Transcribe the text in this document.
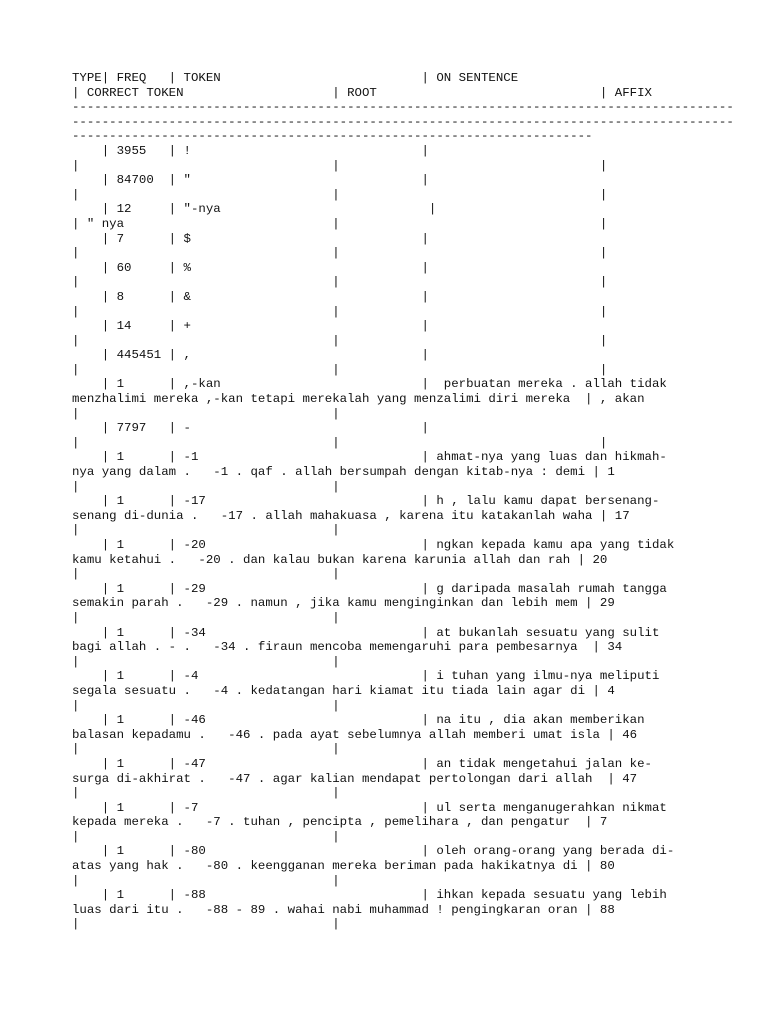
TYPE| FREQ   | TOKEN                           | ON SENTENCE
| CORRECT TOKEN                    | ROOT                              | AFFIX
-----------------------------------------------------------------------------------------
-----------------------------------------------------------------------------------------
----------------------------------------------------------------------
| 3955   | !                               |
|                                  |                                   |
| 84700  | "                               |
|                                  |                                   |
| 12     | "-nya                            |
| " nya                            |                                   |
| 7      | $                               |
|                                  |                                   |
| 60     | %                               |
|                                  |                                   |
| 8      | &                               |
|                                  |                                   |
| 14     | +                               |
|                                  |                                   |
| 445451 | ,                               |
|                                  |                                   |
| 1      | ,-kan                           |  perbuatan mereka . allah tidak
menzhalimi mereka ,-kan tetapi merekalah yang menzalimi diri mereka  | , akan
|                                  |
| 7797   | -                               |
|                                  |                                   |
| 1      | -1                              | ahmat-nya yang luas dan hikmah-
nya yang dalam .   -1 . qaf . allah bersumpah dengan kitab-nya : demi | 1
|                                  |
| 1      | -17                             | h , lalu kamu dapat bersenang-
senang di-dunia .   -17 . allah mahakuasa , karena itu katakanlah waha | 17
|                                  |
| 1      | -20                             | ngkan kepada kamu apa yang tidak
kamu ketahui .   -20 . dan kalau bukan karena karunia allah dan rah | 20
|                                  |
| 1      | -29                             | g daripada masalah rumah tangga
semakin parah .   -29 . namun , jika kamu menginginkan dan lebih mem | 29
|                                  |
| 1      | -34                             | at bukanlah sesuatu yang sulit
bagi allah . - .   -34 . firaun mencoba memengaruhi para pembesarnya  | 34
|                                  |
| 1      | -4                              | i tuhan yang ilmu-nya meliputi
segala sesuatu .   -4 . kedatangan hari kiamat itu tiada lain agar di | 4
|                                  |
| 1      | -46                             | na itu , dia akan memberikan
balasan kepadamu .   -46 . pada ayat sebelumnya allah memberi umat isla | 46
|                                  |
| 1      | -47                             | an tidak mengetahui jalan ke-
surga di-akhirat .   -47 . agar kalian mendapat pertolongan dari allah  | 47
|                                  |
| 1      | -7                              | ul serta menganugerahkan nikmat
kepada mereka .   -7 . tuhan , pencipta , pemelihara , dan pengatur  | 7
|                                  |
| 1      | -80                             | oleh orang-orang yang berada di-
atas yang hak .   -80 . keengganan mereka beriman pada hakikatnya di | 80
|                                  |
| 1      | -88                             | ihkan kepada sesuatu yang lebih
luas dari itu .   -88 - 89 . wahai nabi muhammad ! pengingkaran oran | 88
|                                  |
